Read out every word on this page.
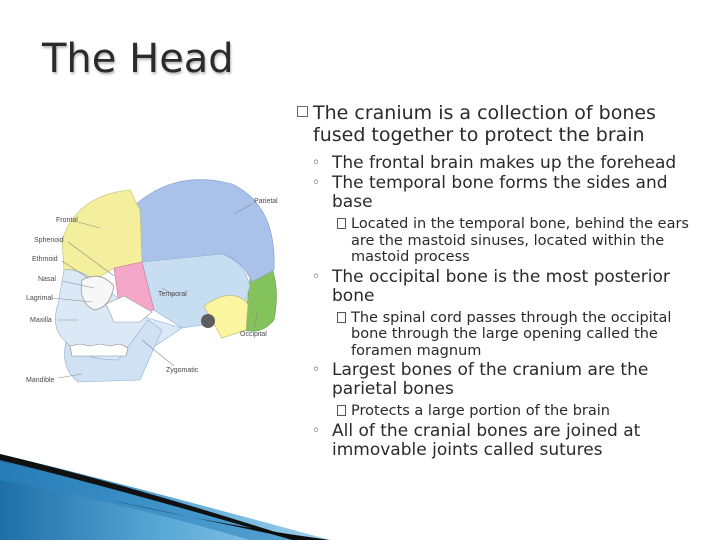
The Head
Frontal
Parietal
Sphenoid
Ethmoid
Nasal
Lagrimal
Maxilla
Temporal
Occipital
Zygomatic
Mandible
The cranium is a collection of bones fused together to protect the brain
◦ The frontal brain makes up the forehead
◦ The temporal bone forms the sides and base
Located in the temporal bone, behind the ears are the mastoid sinuses, located within the mastoid process
◦ The occipital bone is the most posterior bone
The spinal cord passes through the occipital bone through the large opening called the foramen magnum
◦ Largest bones of the cranium are the parietal bones
Protects a large portion of the brain
◦ All of the cranial bones are joined at immovable joints called sutures
